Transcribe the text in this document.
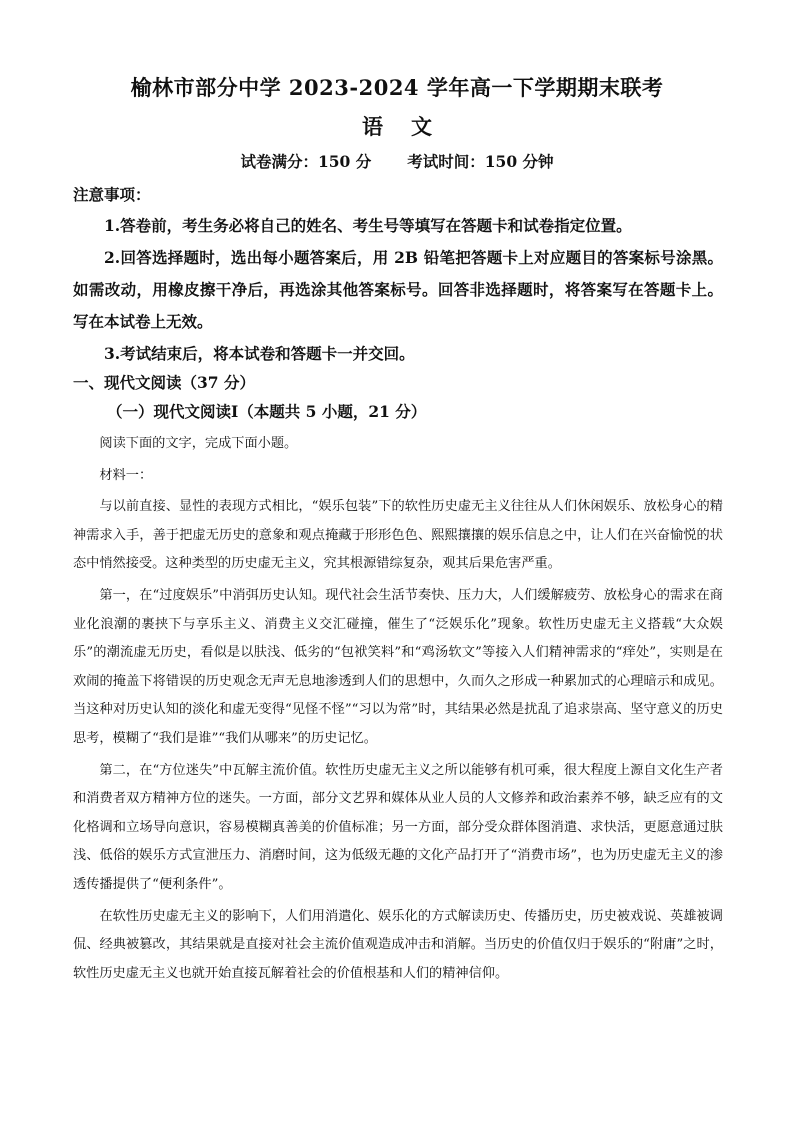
榆林市部分中学 2023-2024 学年高一下学期期末联考
语文

试卷满分：150 分 考试时间：150 分钟

注意事项：

1.答卷前，考生务必将自己的姓名、考生号等填写在答题卡和试卷指定位置。
2.回答选择题时，选出每小题答案后，用 2B 铅笔把答题卡上对应题目的答案标号涂黑。如需改动，用橡皮擦干净后，再选涂其他答案标号。回答非选择题时，将答案写在答题卡上。写在本试卷上无效。
3.考试结束后，将本试卷和答题卡一并交回。

一、现代文阅读（37 分）

（一）现代文阅读Ⅰ（本题共 5 小题，21 分）

阅读下面的文字，完成下面小题。

材料一：

与以前直接、显性的表现方式相比，“娱乐包装”下的软性历史虚无主义往往从人们休闲娱乐、放松身心的精神需求入手，善于把虚无历史的意象和观点掩藏于形形色色、熙熙攘攘的娱乐信息之中，让人们在兴奋愉悦的状态中悄然接受。这种类型的历史虚无主义，究其根源错综复杂，观其后果危害严重。

第一，在“过度娱乐”中消弭历史认知。现代社会生活节奏快、压力大，人们缓解疲劳、放松身心的需求在商业化浪潮的裹挟下与享乐主义、消费主义交汇碰撞，催生了“泛娱乐化”现象。软性历史虚无主义搭载“大众娱乐”的潮流虚无历史，看似是以肤浅、低劣的“包袱笑料”和“鸡汤软文”等接入人们精神需求的“痒处”，实则是在欢闹的掩盖下将错误的历史观念无声无息地渗透到人们的思想中，久而久之形成一种累加式的心理暗示和成见。当这种对历史认知的淡化和虚无变得“见怪不怪”“习以为常”时，其结果必然是扰乱了追求崇高、坚守意义的历史思考，模糊了“我们是谁”“我们从哪来”的历史记忆。

第二，在“方位迷失”中瓦解主流价值。软性历史虚无主义之所以能够有机可乘，很大程度上源自文化生产者和消费者双方精神方位的迷失。一方面，部分文艺界和媒体从业人员的人文修养和政治素养不够，缺乏应有的文化格调和立场导向意识，容易模糊真善美的价值标准；另一方面，部分受众群体图消遣、求快活，更愿意通过肤浅、低俗的娱乐方式宣泄压力、消磨时间，这为低级无趣的文化产品打开了“消费市场”，也为历史虚无主义的渗透传播提供了“便利条件”。

在软性历史虚无主义的影响下，人们用消遣化、娱乐化的方式解读历史、传播历史，历史被戏说、英雄被调侃、经典被篡改，其结果就是直接对社会主流价值观造成冲击和消解。当历史的价值仅归于娱乐的“附庸”之时，软性历史虚无主义也就开始直接瓦解着社会的价值根基和人们的精神信仰。
